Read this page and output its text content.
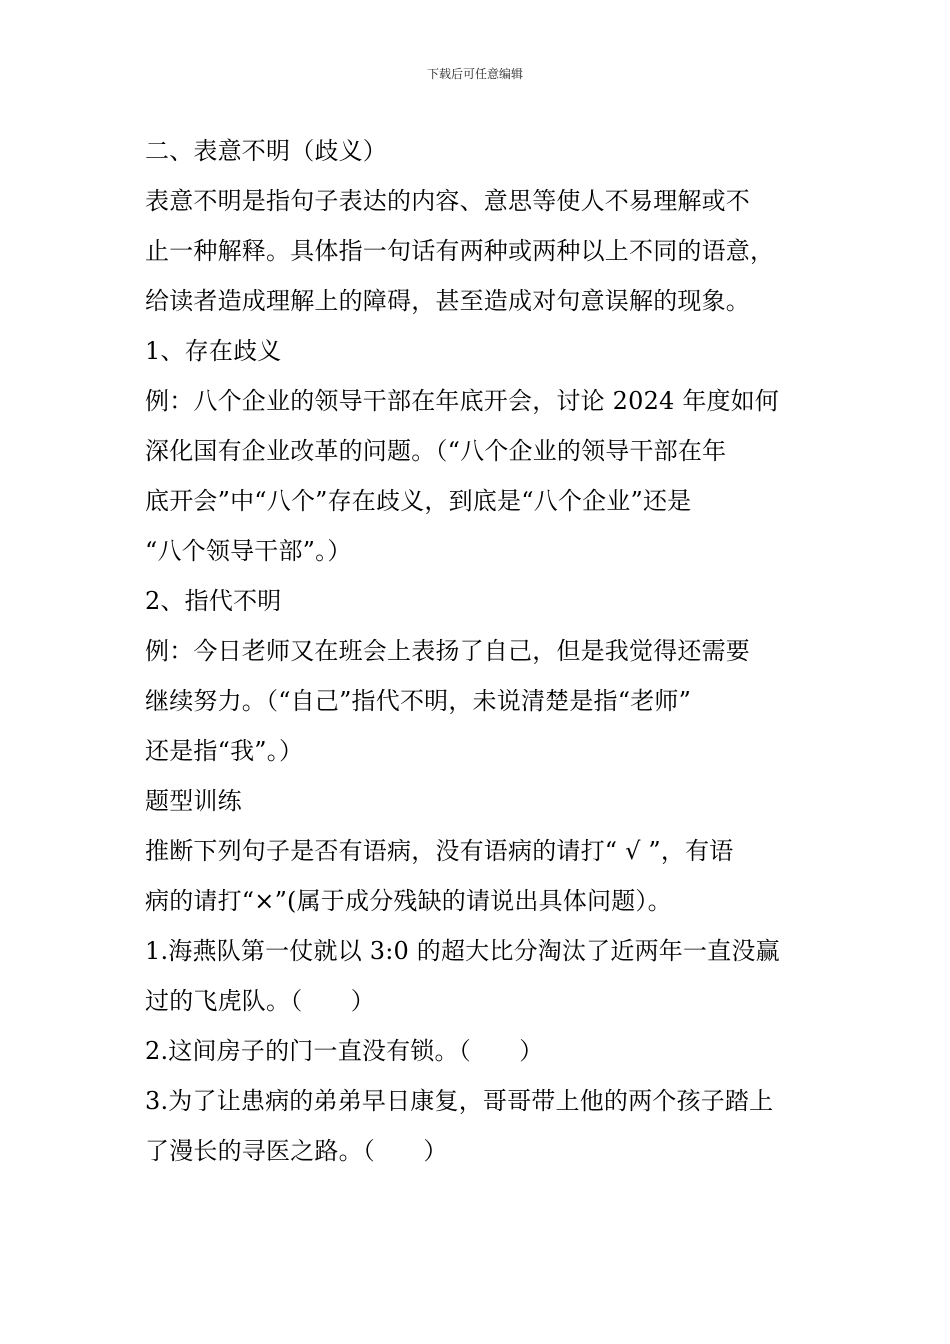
下载后可任意编辑
二、表意不明（歧义）
表意不明是指句子表达的内容、意思等使人不易理解或不
止一种解释。具体指一句话有两种或两种以上不同的语意，
给读者造成理解上的障碍，甚至造成对句意误解的现象。
1、存在歧义
例：八个企业的领导干部在年底开会，讨论 2024 年度如何
深化国有企业改革的问题。（“八个企业的领导干部在年
底开会”中“八个”存在歧义，到底是“八个企业”还是
“八个领导干部”。）
2、指代不明
例：今日老师又在班会上表扬了自己，但是我觉得还需要
继续努力。（“自己”指代不明，未说清楚是指“老师”
还是指“我”。）
题型训练
推断下列句子是否有语病，没有语病的请打“ √ ”，有语
病的请打“×”(属于成分残缺的请说出具体问题）。
1.海燕队第一仗就以 3:0 的超大比分淘汰了近两年一直没赢
过的飞虎队。（　　）
2.这间房子的门一直没有锁。（　　）
3.为了让患病的弟弟早日康复，哥哥带上他的两个孩子踏上
了漫长的寻医之路。（　　）
